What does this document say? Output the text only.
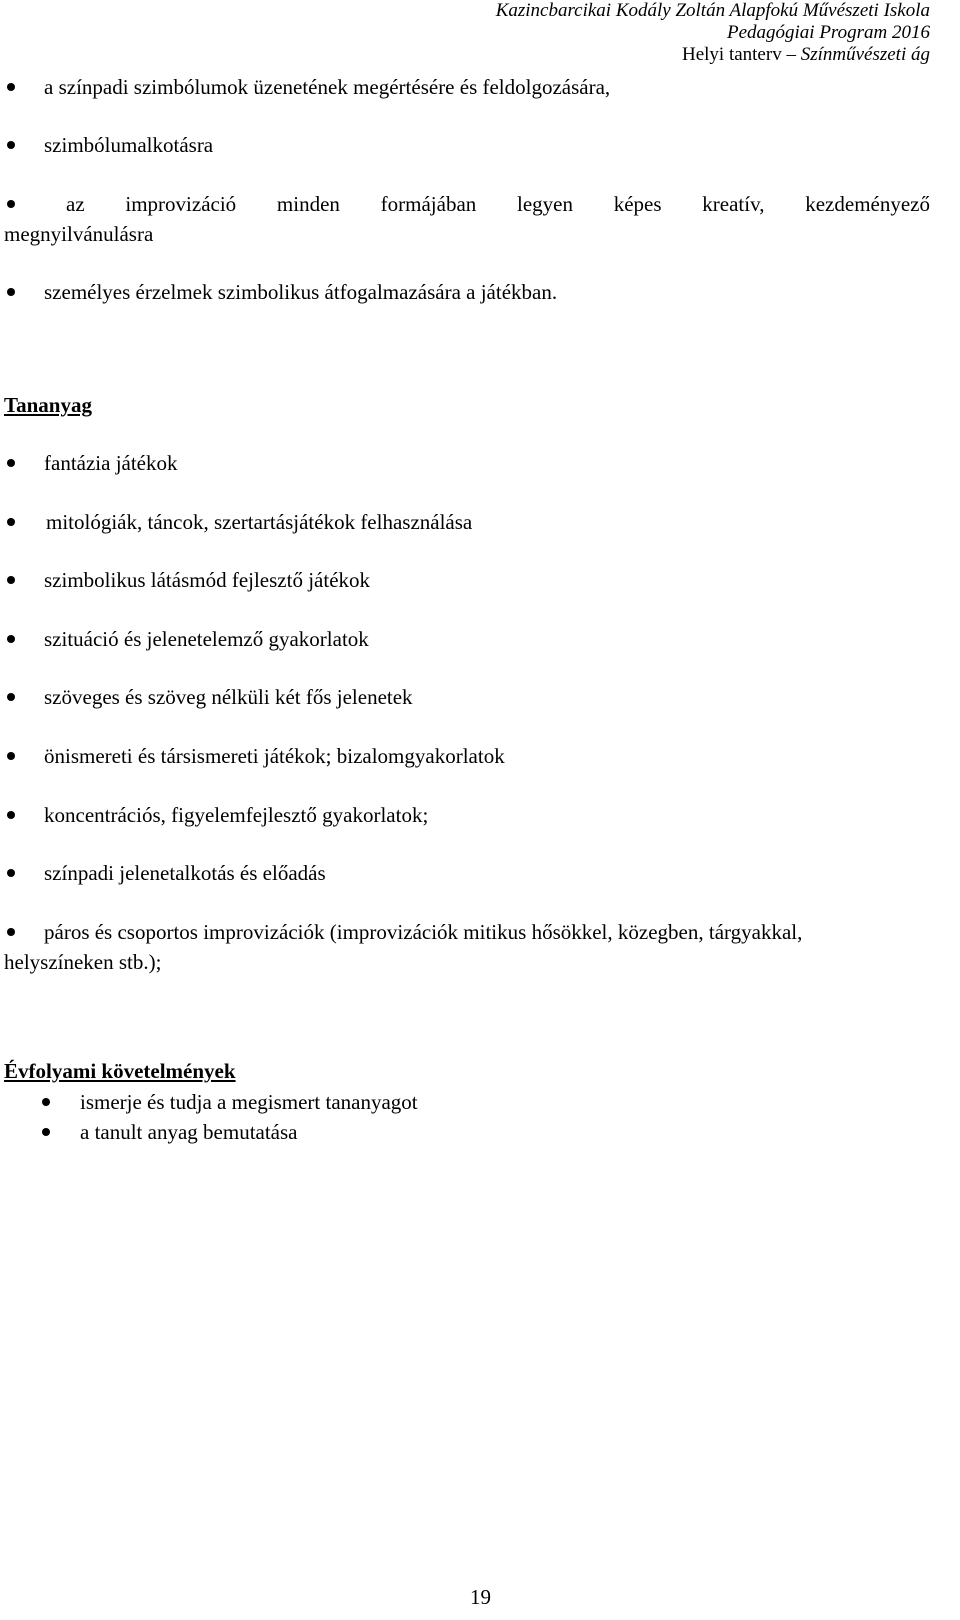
Kazincbarcikai Kodály Zoltán Alapfokú Művészeti Iskola
Pedagógiai Program 2016
Helyi tanterv – Színművészeti ág
a színpadi szimbólumok üzenetének megértésére és feldolgozására,
szimbólumalkotásra
az improvizáció minden formájában legyen képes kreatív, kezdeményező
megnyilvánulásra
személyes érzelmek szimbolikus átfogalmazására a játékban.
Tananyag
fantázia játékok
mitológiák, táncok, szertartásjátékok felhasználása
szimbolikus látásmód fejlesztő játékok
szituáció és jelenetelemző gyakorlatok
szöveges és szöveg nélküli két fős jelenetek
önismereti és társismereti játékok; bizalomgyakorlatok
koncentrációs, figyelemfejlesztő gyakorlatok;
színpadi jelenetalkotás és előadás
páros és csoportos improvizációk (improvizációk mitikus hősökkel, közegben, tárgyakkal,
helyszíneken stb.);
Évfolyami követelmények
ismerje és tudja a megismert tananyagot
a tanult anyag bemutatása
19
